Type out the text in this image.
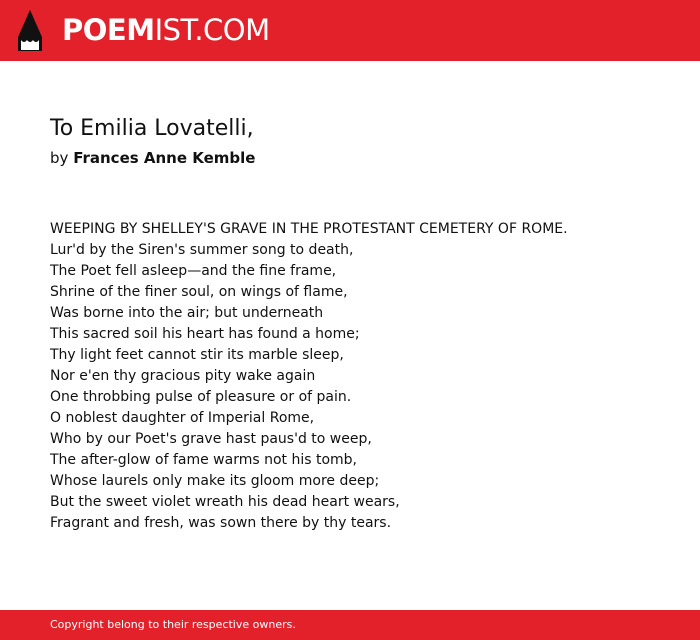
POEMIST.COM
To Emilia Lovatelli,
by Frances Anne Kemble
WEEPING BY SHELLEY'S GRAVE IN THE PROTESTANT CEMETERY OF ROME.
Lur'd by the Siren's summer song to death,
The Poet fell asleep—and the fine frame,
Shrine of the finer soul, on wings of flame,
Was borne into the air; but underneath
This sacred soil his heart has found a home;
Thy light feet cannot stir its marble sleep,
Nor e'en thy gracious pity wake again
One throbbing pulse of pleasure or of pain.
O noblest daughter of Imperial Rome,
Who by our Poet's grave hast paus'd to weep,
The after-glow of fame warms not his tomb,
Whose laurels only make its gloom more deep;
But the sweet violet wreath his dead heart wears,
Fragrant and fresh, was sown there by thy tears.
Copyright belong to their respective owners.
